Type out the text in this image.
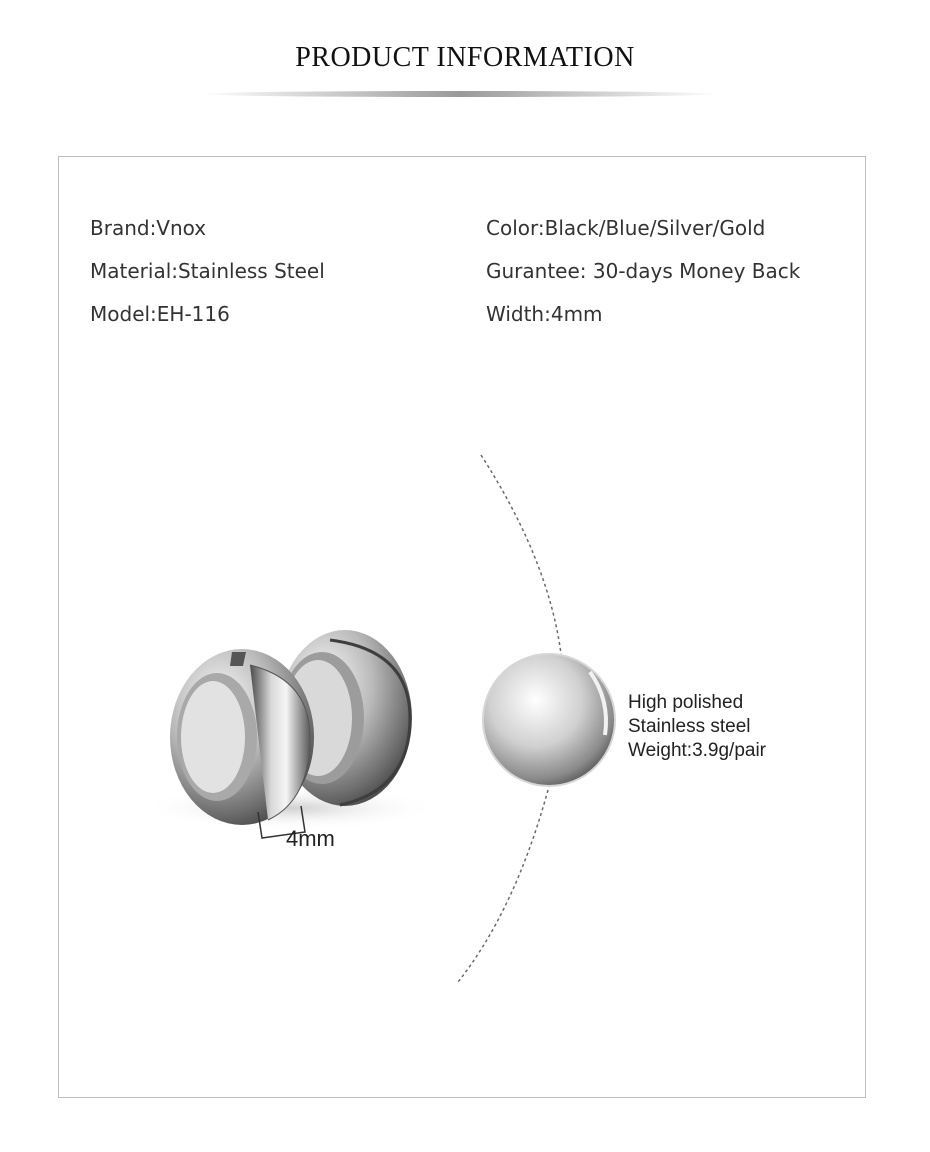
PRODUCT INFORMATION
Brand:Vnox
Material:Stainless Steel
Model:EH-116
Color:Black/Blue/Silver/Gold
Gurantee: 30-days Money Back
Width:4mm
4mm
High polished
Stainless steel
Weight:3.9g/pair
